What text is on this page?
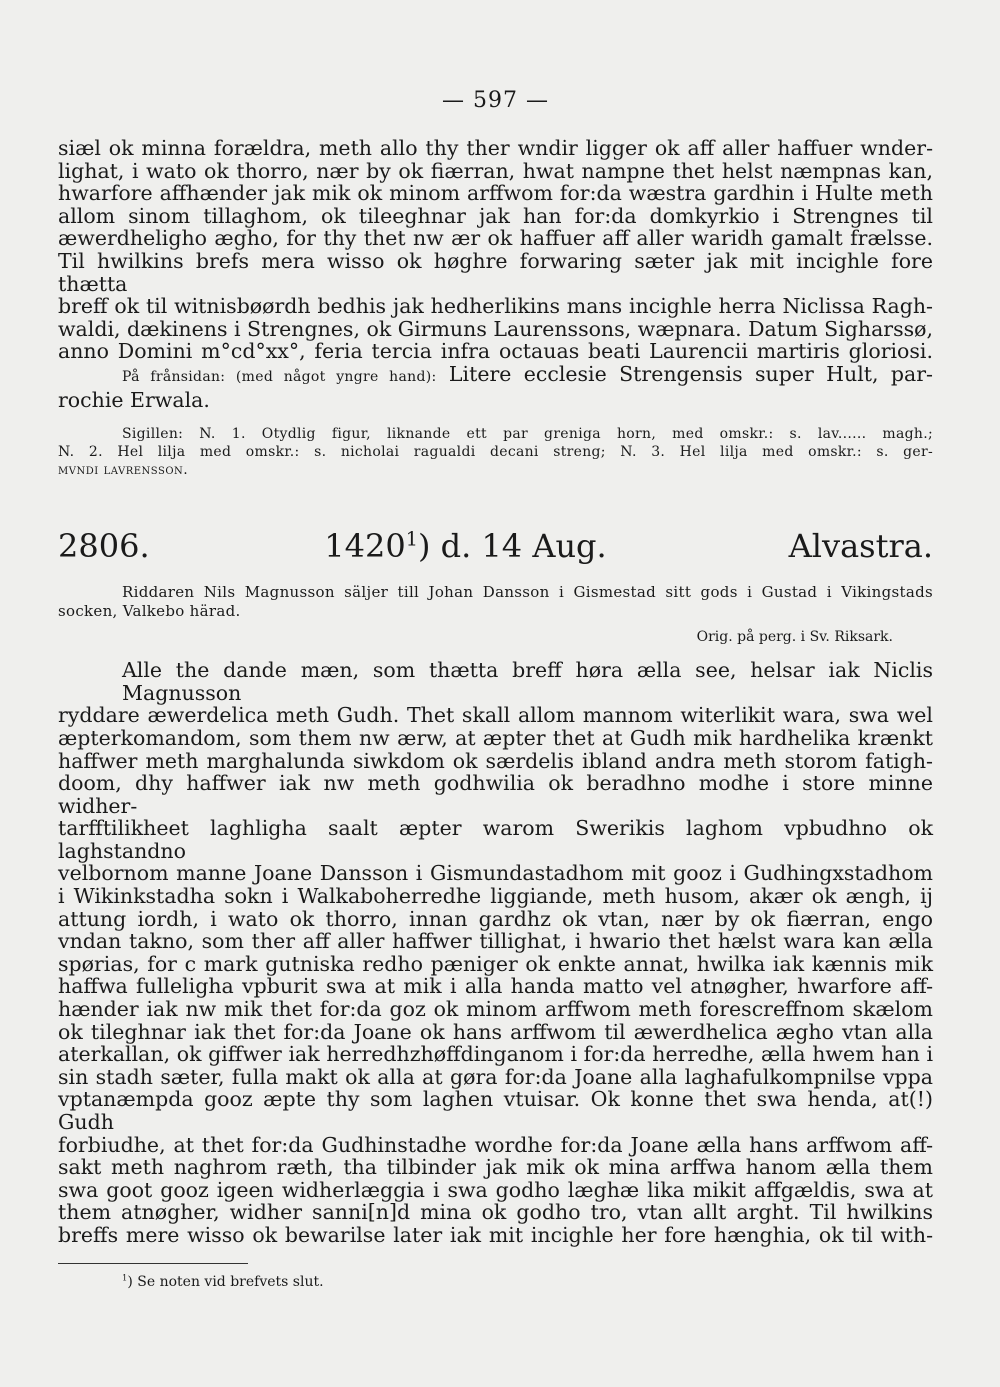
— 597 —
siæl ok minna forældra, meth allo thy ther wndir ligger ok aff aller haffuer wnder-
lighat, i wato ok thorro, nær by ok fiærran, hwat nampne thet helst næmpnas kan,
hwarfore affhænder jak mik ok minom arffwom for:da wæstra gardhin i Hulte meth
allom sinom tillaghom, ok tileeghnar jak han for:da domkyrkio i Strengnes til
æwerdheligho ægho, for thy thet nw ær ok haffuer aff aller waridh gamalt frælsse.
Til hwilkins brefs mera wisso ok høghre forwaring sæter jak mit incighle fore thætta
breff ok til witnisbøørdh bedhis jak hedherlikins mans incighle herra Niclissa Ragh-
waldi, dækinens i Strengnes, ok Girmuns Laurenssons, wæpnara. Datum Sigharssø,
anno Domini m°cd°xx°, feria tercia infra octauas beati Laurencii martiris gloriosi.
På frånsidan: (med något yngre hand): Litere ecclesie Strengensis super Hult, par-
rochie Erwala.
Sigillen: N. 1. Otydlig figur, liknande ett par greniga horn, med omskr.: s. lav...... magh.;
N. 2. Hel lilja med omskr.: s. nicholai ragualdi decani streng; N. 3. Hel lilja med omskr.: s. ger-
mvndi lavrensson.
2806.	1420$^1$) d. 14 Aug.	Alvastra.
Riddaren Nils Magnusson säljer till Johan Dansson i Gismestad sitt gods i Gustad i Vikingstads
socken, Valkebo härad.
Orig. på perg. i Sv. Riksark.
Alle the dande mæn, som thætta breff høra ælla see, helsar iak Niclis Magnusson
ryddare æwerdelica meth Gudh. Thet skall allom mannom witerlikit wara, swa wel
æpterkomandom, som them nw ærw, at æpter thet at Gudh mik hardhelika krænkt
haffwer meth marghalunda siwkdom ok særdelis ibland andra meth storom fatigh-
doom, dhy haffwer iak nw meth godhwilia ok beradhno modhe i store minne widher-
tarfftilikheet laghligha saalt æpter warom Swerikis laghom vpbudhno ok laghstandno
velbornom manne Joane Dansson i Gismundastadhom mit gooz i Gudhingxstadhom
i Wikinkstadha sokn i Walkaboherredhe liggiande, meth husom, akær ok ængh, ij
attung iordh, i wato ok thorro, innan gardhz ok vtan, nær by ok fiærran, engo
vndan takno, som ther aff aller haffwer tillighat, i hwario thet hælst wara kan ælla
spørias, for c mark gutniska redho pæniger ok enkte annat, hwilka iak kænnis mik
haffwa fulleligha vpburit swa at mik i alla handa matto vel atnøgher, hwarfore aff-
hænder iak nw mik thet for:da goz ok minom arffwom meth forescreffnom skælom
ok tileghnar iak thet for:da Joane ok hans arffwom til æwerdhelica ægho vtan alla
aterkallan, ok giffwer iak herredhzhøffdinganom i for:da herredhe, ælla hwem han i
sin stadh sæter, fulla makt ok alla at gøra for:da Joane alla laghafulkompnilse vppa
vptanæmpda gooz æpte thy som laghen vtuisar. Ok konne thet swa henda, at(!) Gudh
forbiudhe, at thet for:da Gudhinstadhe wordhe for:da Joane ælla hans arffwom aff-
sakt meth naghrom ræth, tha tilbinder jak mik ok mina arffwa hanom ælla them
swa goot gooz igeen widherlæggia i swa godho læghæ lika mikit affgældis, swa at
them atnøgher, widher sanni[n]d mina ok godho tro, vtan allt arght. Til hwilkins
breffs mere wisso ok bewarilse later iak mit incighle her fore hænghia, ok til with-
$^1$) Se noten vid brefvets slut.
